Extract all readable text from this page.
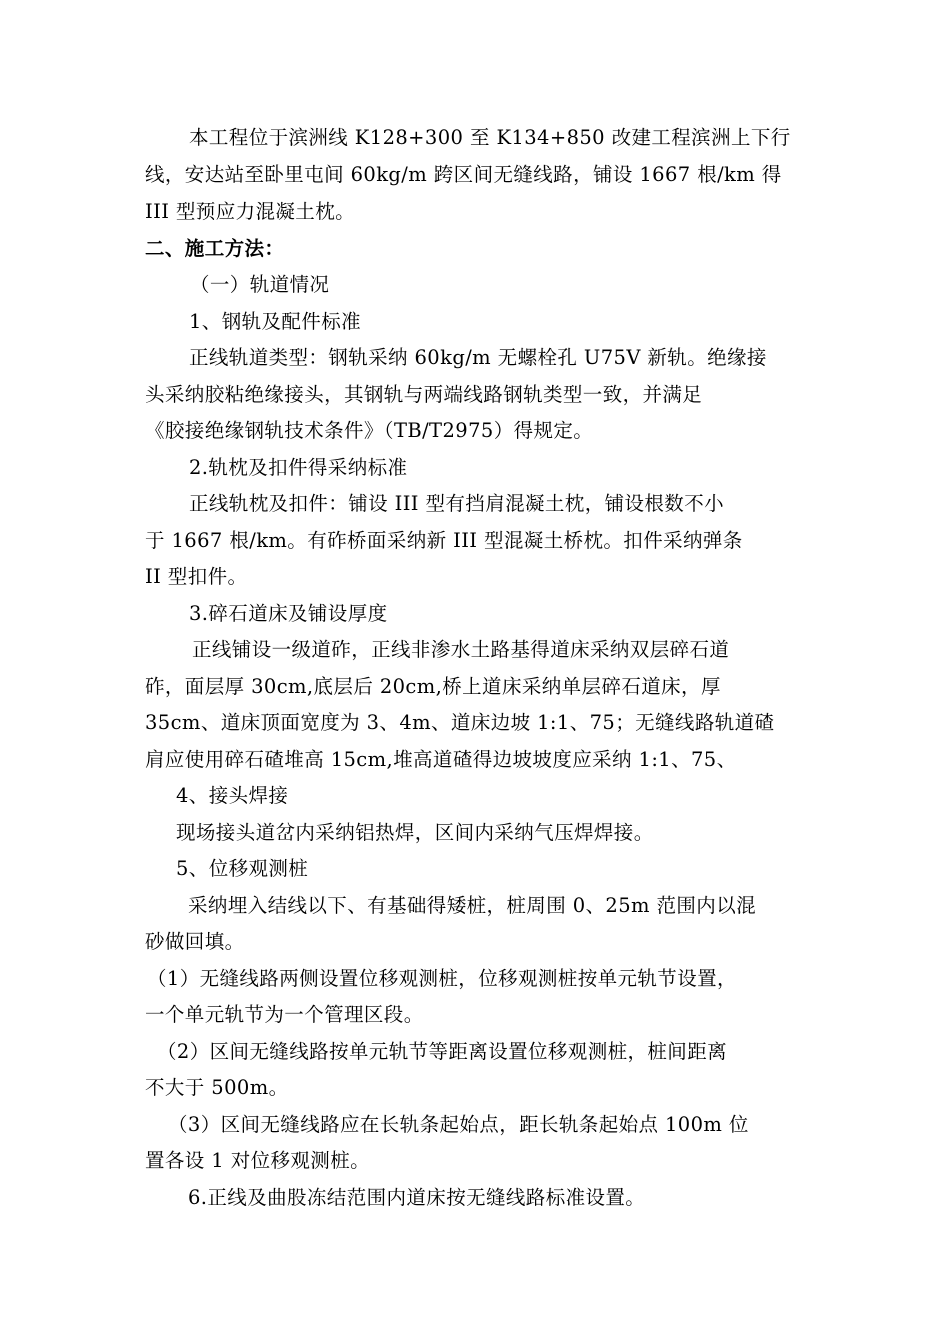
本工程位于滨洲线 K128+300 至 K134+850 改建工程滨洲上下行
线，安达站至卧里屯间 60kg/m 跨区间无缝线路，铺设 1667 根/km 得
III 型预应力混凝土枕。
二、施工方法：
（一）轨道情况
1、钢轨及配件标准
正线轨道类型：钢轨采纳 60kg/m 无螺栓孔 U75V 新轨。绝缘接
头采纳胶粘绝缘接头，其钢轨与两端线路钢轨类型一致，并满足
《胶接绝缘钢轨技术条件》（TB/T2975）得规定。
2.轨枕及扣件得采纳标准
正线轨枕及扣件：铺设 III 型有挡肩混凝土枕，铺设根数不小
于 1667 根/km。有砟桥面采纳新 III 型混凝土桥枕。扣件采纳弹条
II 型扣件。
3.碎石道床及铺设厚度
正线铺设一级道砟，正线非渗水土路基得道床采纳双层碎石道
砟，面层厚 30cm,底层后 20cm,桥上道床采纳单层碎石道床，厚
35cm、道床顶面宽度为 3、4m、道床边坡 1:1、75；无缝线路轨道碴
肩应使用碎石碴堆高 15cm,堆高道碴得边坡坡度应采纳 1:1、75、
4、接头焊接
现场接头道岔内采纳铝热焊，区间内采纳气压焊焊接。
5、位移观测桩
采纳埋入结线以下、有基础得矮桩，桩周围 0、25m 范围内以混
砂做回填。
（1）无缝线路两侧设置位移观测桩，位移观测桩按单元轨节设置，
一个单元轨节为一个管理区段。
（2）区间无缝线路按单元轨节等距离设置位移观测桩，桩间距离
不大于 500m。
（3）区间无缝线路应在长轨条起始点，距长轨条起始点 100m 位
置各设 1 对位移观测桩。
6.正线及曲股冻结范围内道床按无缝线路标准设置。
